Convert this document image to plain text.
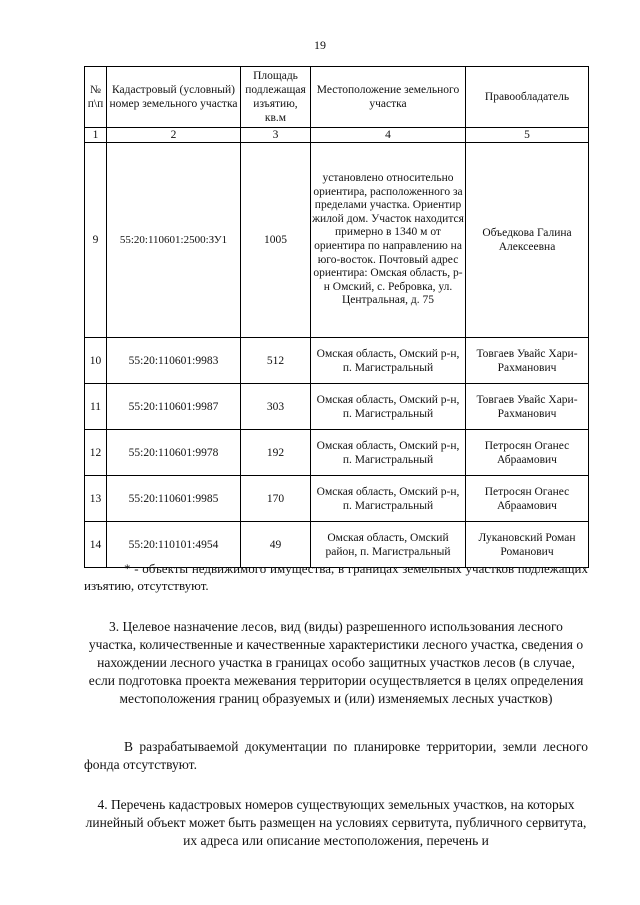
19
№ п\п	Кадастровый (условный) номер земельного участка	Площадь подлежащая изъятию, кв.м	Местоположение земельного участка	Правообладатель
1	2	3	4	5
9	55:20:110601:2500:ЗУ1	1005	установлено относительно ориентира, расположенного за пределами участка. Ориентир жилой дом. Участок находится примерно в 1340 м от ориентира по направлению на юго-восток. Почтовый адрес ориентира: Омская область, р-н Омский, с. Ребровка, ул. Центральная, д. 75	Объедкова Галина Алексеевна
10	55:20:110601:9983	512	Омская область, Омский р-н, п. Магистральный	Товгаев Увайс Хари-Рахманович
11	55:20:110601:9987	303	Омская область, Омский р-н, п. Магистральный	Товгаев Увайс Хари-Рахманович
12	55:20:110601:9978	192	Омская область, Омский р-н, п. Магистральный	Петросян Оганес Абраамович
13	55:20:110601:9985	170	Омская область, Омский р-н, п. Магистральный	Петросян Оганес Абраамович
14	55:20:110101:4954	49	Омская область, Омский район, п. Магистральный	Лукановский Роман Романович
* - объекты недвижимого имущества, в границах земельных участков подлежащих изъятию, отсутствуют.
3. Целевое назначение лесов, вид (виды) разрешенного использования лесного участка, количественные и качественные характеристики лесного участка, сведения о нахождении лесного участка в границах особо защитных участков лесов (в случае, если подготовка проекта межевания территории осуществляется в целях определения местоположения границ образуемых и (или) изменяемых лесных участков)
В разрабатываемой документации по планировке территории, земли лесного фонда отсутствуют.
4. Перечень кадастровых номеров существующих земельных участков, на которых линейный объект может быть размещен на условиях сервитута, публичного сервитута, их адреса или описание местоположения, перечень и
